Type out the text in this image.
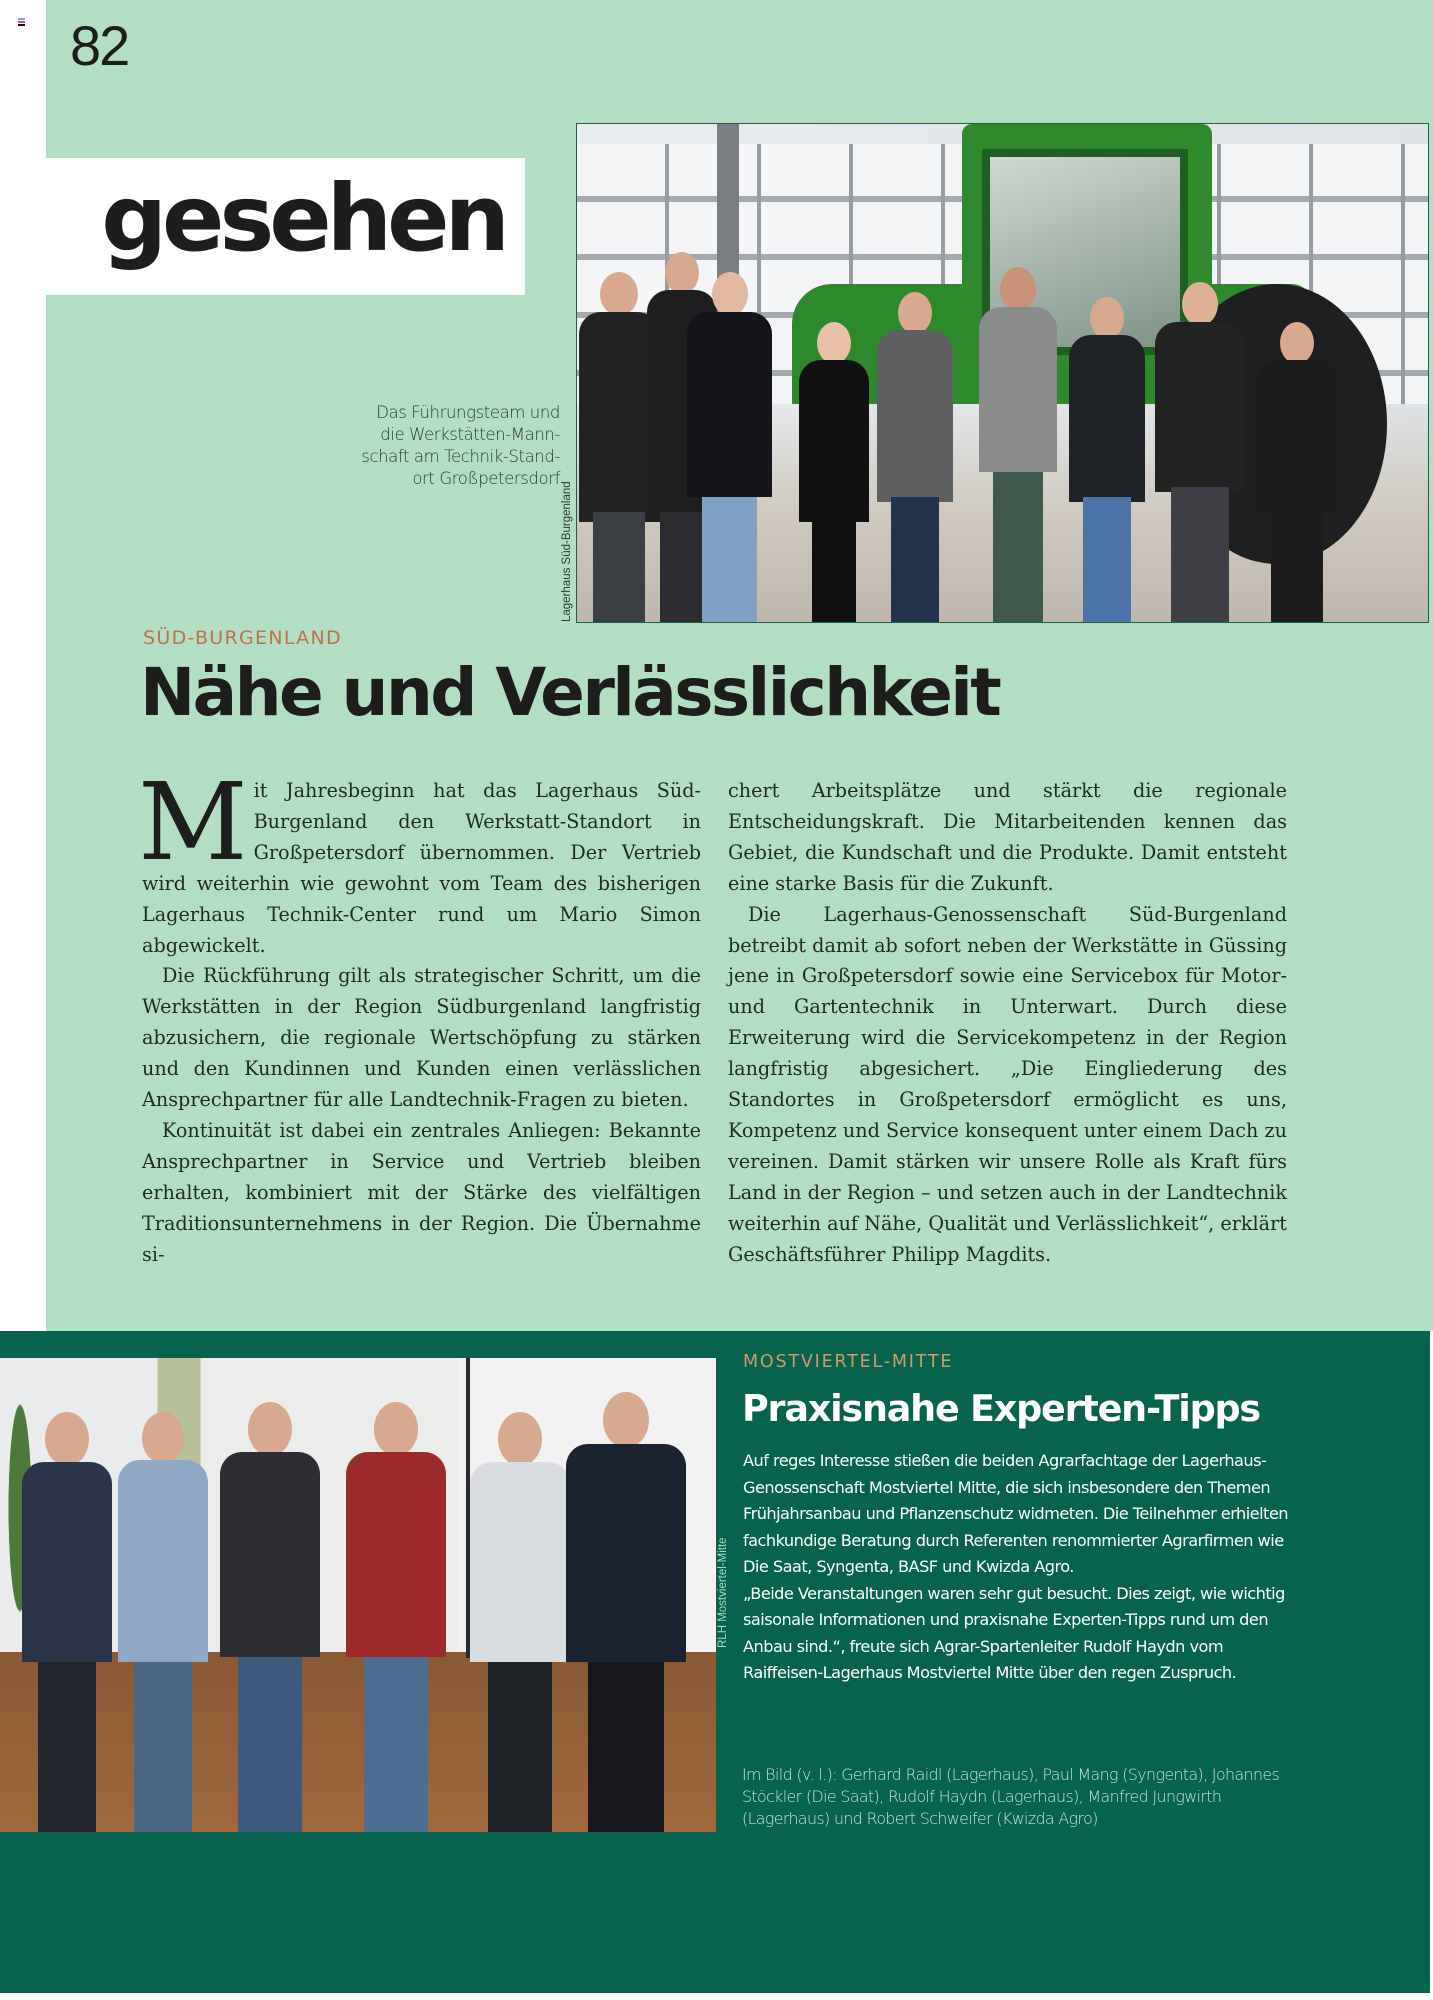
82
gesehen
Das Führungsteam und
die Werkstätten-Mann-
schaft am Technik-Stand-
ort Großpetersdorf
Lagerhaus Süd-Burgenland
SÜD-BURGENLAND
Nähe und Verlässlichkeit

Mit Jahresbeginn hat das Lagerhaus Süd-Burgenland den Werkstatt-Standort in Großpetersdorf übernommen. Der Vertrieb wird weiterhin wie gewohnt vom Team des bisherigen Lagerhaus Technik-Center rund um Mario Simon abgewickelt.

Die Rückführung gilt als strategischer Schritt, um die Werkstätten in der Region Südburgenland langfristig abzusichern, die regionale Wertschöpfung zu stärken und den Kundinnen und Kunden einen verlässlichen Ansprechpartner für alle Landtechnik-Fragen zu bieten.

Kontinuität ist dabei ein zentrales Anliegen: Bekannte Ansprechpartner in Service und Vertrieb bleiben erhalten, kombiniert mit der Stärke des vielfältigen Traditionsunternehmens in der Region. Die Übernahme si-

chert Arbeitsplätze und stärkt die regionale Entscheidungskraft. Die Mitarbeitenden kennen das Gebiet, die Kundschaft und die Produkte. Damit entsteht eine starke Basis für die Zukunft.

Die Lagerhaus-Genossenschaft Süd-Burgenland betreibt damit ab sofort neben der Werkstätte in Güssing jene in Großpetersdorf sowie eine Servicebox für Motor- und Gartentechnik in Unterwart. Durch diese Erweiterung wird die Servicekompetenz in der Region langfristig abgesichert. „Die Eingliederung des Standortes in Großpetersdorf ermöglicht es uns, Kompetenz und Service konsequent unter einem Dach zu vereinen. Damit stärken wir unsere Rolle als Kraft fürs Land in der Region – und setzen auch in der Landtechnik weiterhin auf Nähe, Qualität und Verlässlichkeit“, erklärt Geschäftsführer Philipp Magdits.

RLH Mostviertel-Mitte
MOSTVIERTEL-MITTE
Praxisnahe Experten-Tipps

Auf reges Interesse stießen die beiden Agrarfachtage der Lagerhaus-Genossenschaft Mostviertel Mitte, die sich insbesondere den Themen Frühjahrsanbau und Pflanzenschutz widmeten. Die Teilnehmer erhielten fachkundige Beratung durch Referenten renommierter Agrarfirmen wie Die Saat, Syngenta, BASF und Kwizda Agro.

„Beide Veranstaltungen waren sehr gut besucht. Dies zeigt, wie wichtig saisonale Informationen und praxisnahe Experten-Tipps rund um den Anbau sind.“, freute sich Agrar-Spartenleiter Rudolf Haydn vom Raiffeisen-Lagerhaus Mostviertel Mitte über den regen Zuspruch.

Im Bild (v. l.): Gerhard Raidl (Lagerhaus), Paul Mang (Syngenta), Johannes Stöckler (Die Saat), Rudolf Haydn (Lagerhaus), Manfred Jungwirth (Lagerhaus) und Robert Schweifer (Kwizda Agro)
